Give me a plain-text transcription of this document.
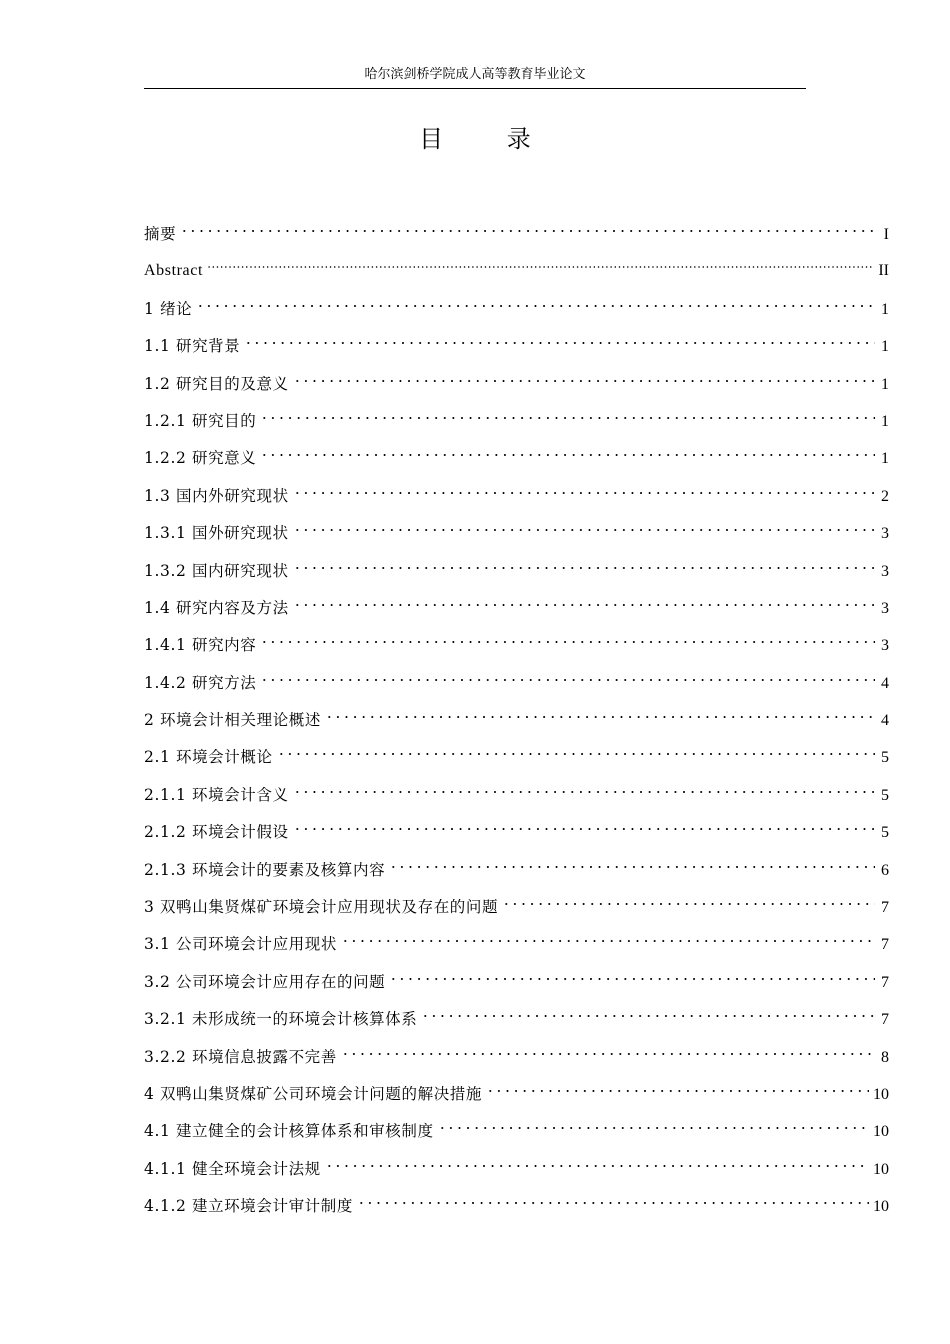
哈尔滨剑桥学院成人高等教育毕业论文
目 录
摘要	I
Abstract	II
1 绪论	1
1.1 研究背景	1
1.2 研究目的及意义	1
1.2.1 研究目的	1
1.2.2 研究意义	1
1.3 国内外研究现状	2
1.3.1 国外研究现状	3
1.3.2 国内研究现状	3
1.4 研究内容及方法	3
1.4.1 研究内容	3
1.4.2 研究方法	4
2 环境会计相关理论概述	4
2.1 环境会计概论	5
2.1.1 环境会计含义	5
2.1.2 环境会计假设	5
2.1.3 环境会计的要素及核算内容	6
3 双鸭山集贤煤矿环境会计应用现状及存在的问题	7
3.1 公司环境会计应用现状	7
3.2 公司环境会计应用存在的问题	7
3.2.1 未形成统一的环境会计核算体系	7
3.2.2 环境信息披露不完善	8
4 双鸭山集贤煤矿公司环境会计问题的解决措施	10
4.1 建立健全的会计核算体系和审核制度	10
4.1.1 健全环境会计法规	10
4.1.2 建立环境会计审计制度	10
